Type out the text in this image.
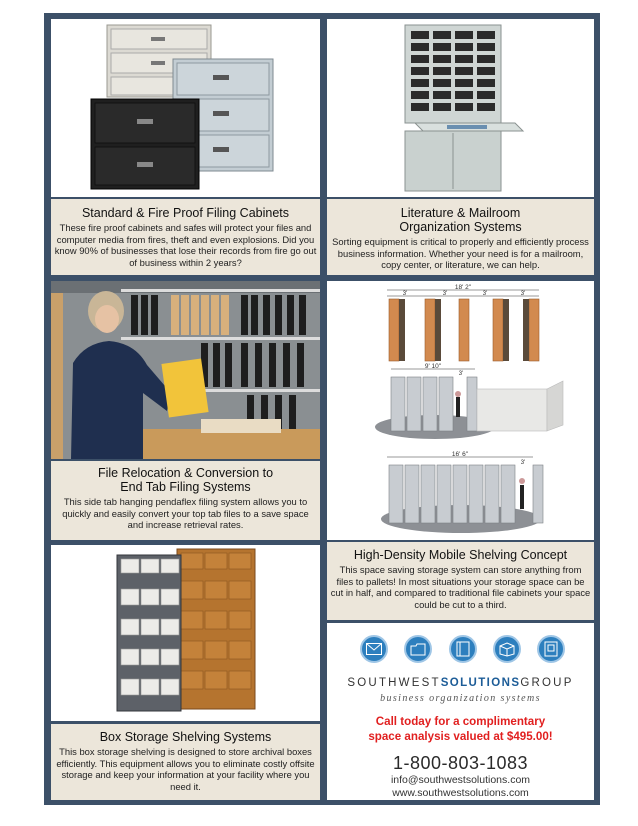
Standard & Fire Proof Filing Cabinets
These fire proof cabinets and safes will protect your files and computer media from fires, theft and even explosions. Did you know 90% of businesses that lose their records from fire go out of business within 2 years?
Literature & Mailroom
Organization Systems
Sorting equipment is critical to properly and efficiently process business information. Whether your need is for a mailroom, copy center, or literature, we can help.
File Relocation & Conversion to
End Tab Filing Systems
This side tab hanging pendaflex filing system allows you to quickly and easily convert your top tab files to a save space and increase retrieval rates.
18' 2"
3'	3'	3'	3'
9' 10"
3'
16' 6"
3'
High-Density Mobile Shelving Concept
This space saving storage system can store anything from files to pallets! In most situations your storage space can be cut in half, and compared to traditional file cabinets your space could be cut to a third.
Box Storage Shelving Systems
This box storage shelving is designed to store archival boxes efficiently. This equipment allows you to eliminate costly offsite storage and keep your information at your facility where you need it.
SOUTHWESTSOLUTIONSGROUP
business organization systems
Call today for a complimentary
space analysis valued at $495.00!
1-800-803-1083
info@southwestsolutions.com
www.southwestsolutions.com
